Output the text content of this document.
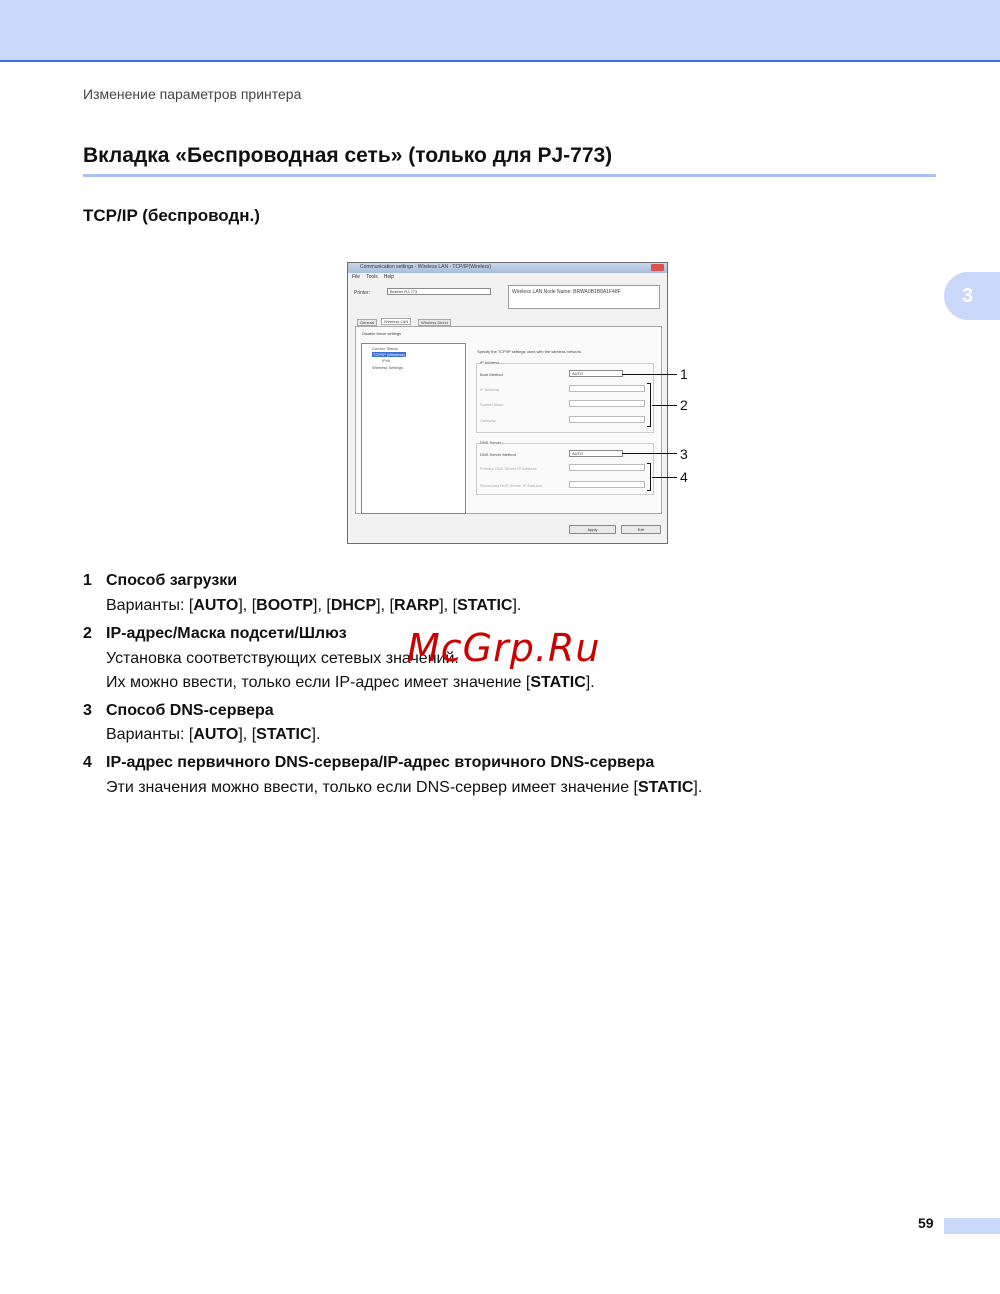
Изменение параметров принтера
Вкладка «Беспроводная сеть» (только для PJ-773)
TCP/IP (беспроводн.)
3
Communication settings - Wireless LAN - TCP/IP(Wireless)
File Tools Help
Printer:	Brother RJ-773	Wireless LAN Node Name: BRWA0B1B8A1F48F
General	Wireless LAN	Wireless Direct
Disable these settings
Current Status
TCP/IP (Wireless)
IPv6
Wireless Settings
Specify the TCP/IP settings used with the wireless network.
IP Address
Boot Method	AUTO
IP Address
Subnet Mask
Gateway
DNS Server
DNS Server Method	AUTO
Primary DNS Server IP Address
Secondary DNS Server IP Address
Apply	Exit
1
2
3
4
1 Способ загрузки
Варианты: [AUTO], [BOOTP], [DHCP], [RARP], [STATIC].
2 IP-адрес/Маска подсети/Шлюз
Установка соответствующих сетевых значений.
Их можно ввести, только если IP-адрес имеет значение [STATIC].
3 Способ DNS-сервера
Варианты: [AUTO], [STATIC].
4 IP-адрес первичного DNS-сервера/IP-адрес вторичного DNS-сервера
Эти значения можно ввести, только если DNS-сервер имеет значение [STATIC].
McGrp.Ru
59
